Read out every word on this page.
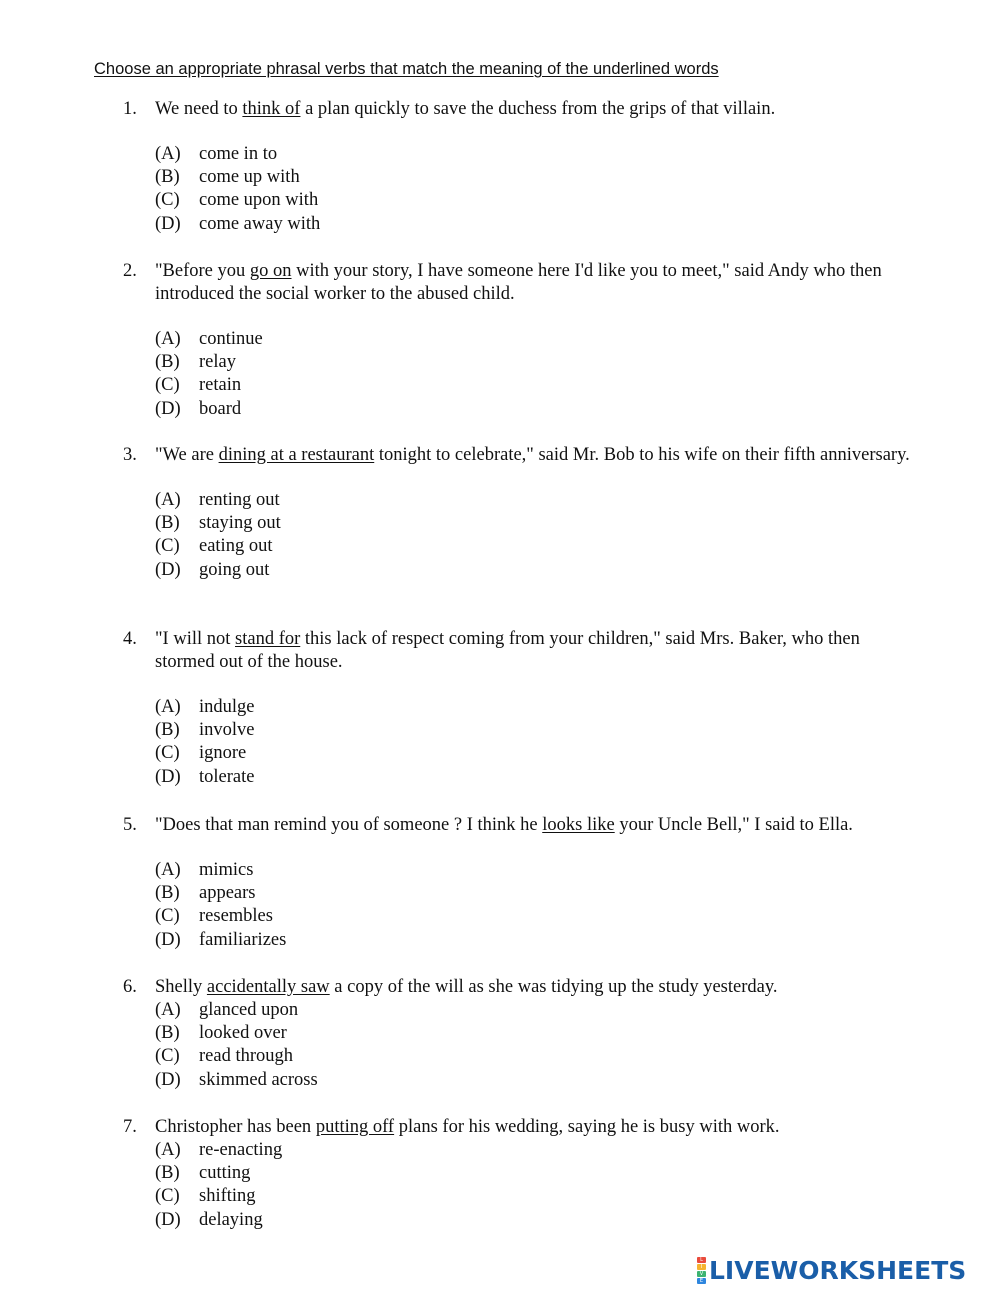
Choose an appropriate phrasal verbs that match the meaning of the underlined words
1. We need to think of a plan quickly to save the duchess from the grips of that villain.
(A) come in to
(B) come up with
(C) come upon with
(D) come away with
2. "Before you go on with your story, I have someone here I'd like you to meet," said Andy who then introduced the social worker to the abused child.
(A) continue
(B) relay
(C) retain
(D) board
3. "We are dining at a restaurant tonight to celebrate," said Mr. Bob to his wife on their fifth anniversary.
(A) renting out
(B) staying out
(C) eating out
(D) going out
4. "I will not stand for this lack of respect coming from your children," said Mrs. Baker, who then stormed out of the house.
(A) indulge
(B) involve
(C) ignore
(D) tolerate
5. "Does that man remind you of someone ? I think he looks like your Uncle Bell," I said to Ella.
(A) mimics
(B) appears
(C) resembles
(D) familiarizes
6. Shelly accidentally saw a copy of the will as she was tidying up the study yesterday.
(A) glanced upon
(B) looked over
(C) read through
(D) skimmed across
7. Christopher has been putting off plans for his wedding, saying he is busy with work.
(A) re-enacting
(B) cutting
(C) shifting
(D) delaying
L
I
V
E LIVEWORKSHEETS
